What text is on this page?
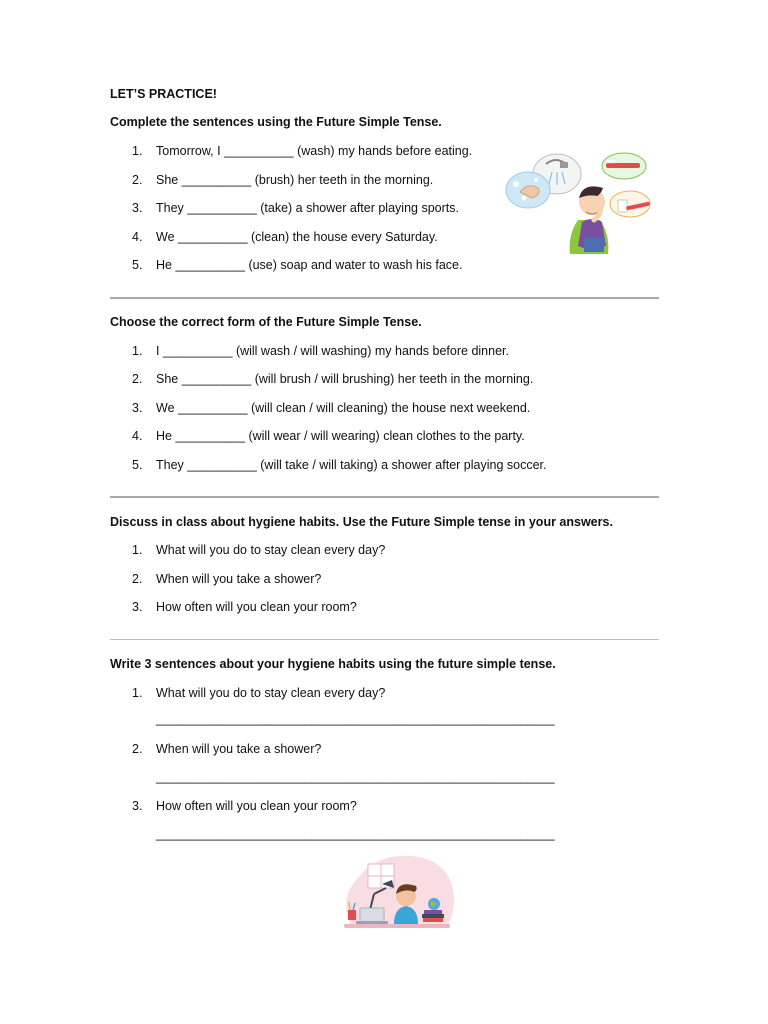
LET’S PRACTICE!
Complete the sentences using the Future Simple Tense.
1. Tomorrow, I __________ (wash) my hands before eating.
2. She __________ (brush) her teeth in the morning.
3. They __________ (take) a shower after playing sports.
4. We __________ (clean) the house every Saturday.
5. He __________ (use) soap and water to wash his face.
Choose the correct form of the Future Simple Tense.
1. I __________ (will wash / will washing) my hands before dinner.
2. She __________ (will brush / will brushing) her teeth in the morning.
3. We __________ (will clean / will cleaning) the house next weekend.
4. He __________ (will wear / will wearing) clean clothes to the party.
5. They __________ (will take / will taking) a shower after playing soccer.
Discuss in class about hygiene habits. Use the Future Simple tense in your answers.
1. What will you do to stay clean every day?
2. When will you take a shower?
3. How often will you clean your room?
Write 3 sentences about your hygiene habits using the future simple tense.
1. What will you do to stay clean every day?
___________________________________________________________
2. When will you take a shower?
___________________________________________________________
3. How often will you clean your room?
___________________________________________________________
